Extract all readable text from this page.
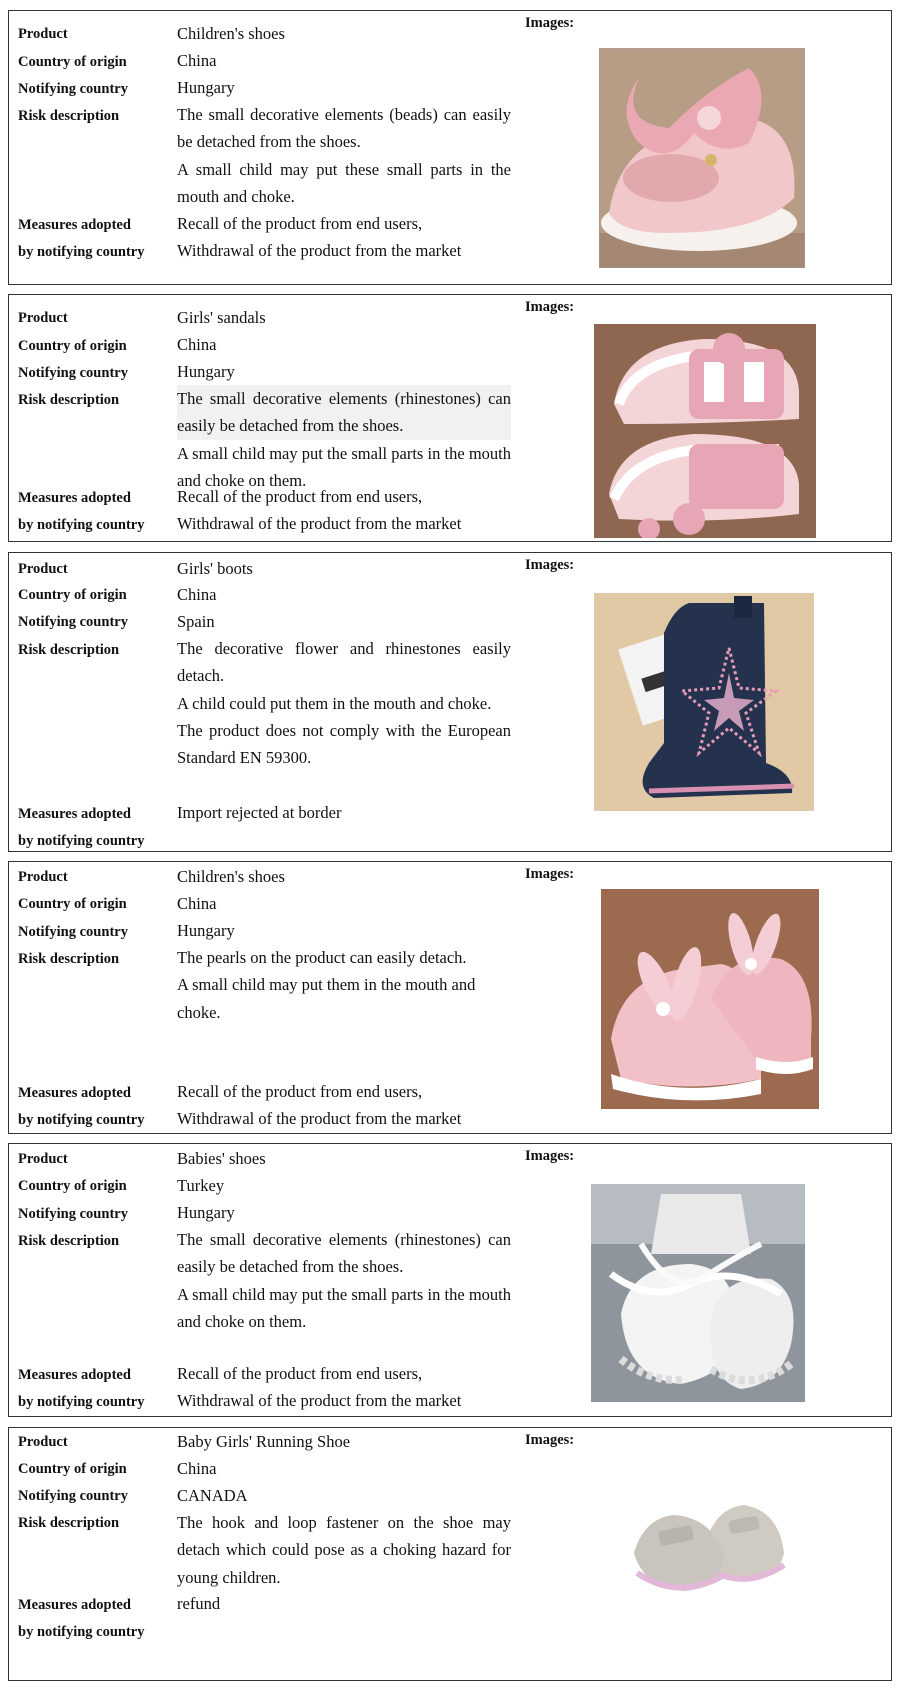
Product
Country of origin
Notifying country
Risk description
Measures adopted
by notifying country
Children's shoes
China
Hungary

The small decorative elements (beads) can easily be detached from the shoes.

A small child may put these small parts in the mouth and choke.

Recall of the product from end users,

Withdrawal of the product from the market

Images:
Product
Country of origin
Notifying country
Risk description
Measures adopted
by notifying country
Girls' sandals
China
Hungary

The small decorative elements (rhinestones) can easily be detached from the shoes.

A small child may put the small parts in the mouth and choke on them.

Recall of the product from end users,

Withdrawal of the product from the market

Images:
Product
Country of origin
Notifying country
Risk description
Measures adopted
by notifying country
Girls' boots
China
Spain

The decorative flower and rhinestones easily detach.

A child could put them in the mouth and choke.

The product does not comply with the European Standard EN 59300.

Import rejected at border

Images:
Product
Country of origin
Notifying country
Risk description
Measures adopted
by notifying country
Children's shoes
China
Hungary

The pearls on the product can easily detach.

A small child may put them in the mouth and choke.

Recall of the product from end users,

Withdrawal of the product from the market

Images:
Product
Country of origin
Notifying country
Risk description
Measures adopted
by notifying country
Babies' shoes
Turkey
Hungary

The small decorative elements (rhinestones) can easily be detached from the shoes.

A small child may put the small parts in the mouth and choke on them.

Recall of the product from end users,

Withdrawal of the product from the market

Images:
Product
Country of origin
Notifying country
Risk description
Measures adopted
by notifying country
Baby Girls' Running Shoe
China
CANADA

The hook and loop fastener on the shoe may detach which could pose as a choking hazard for young children.

refund

Images:
